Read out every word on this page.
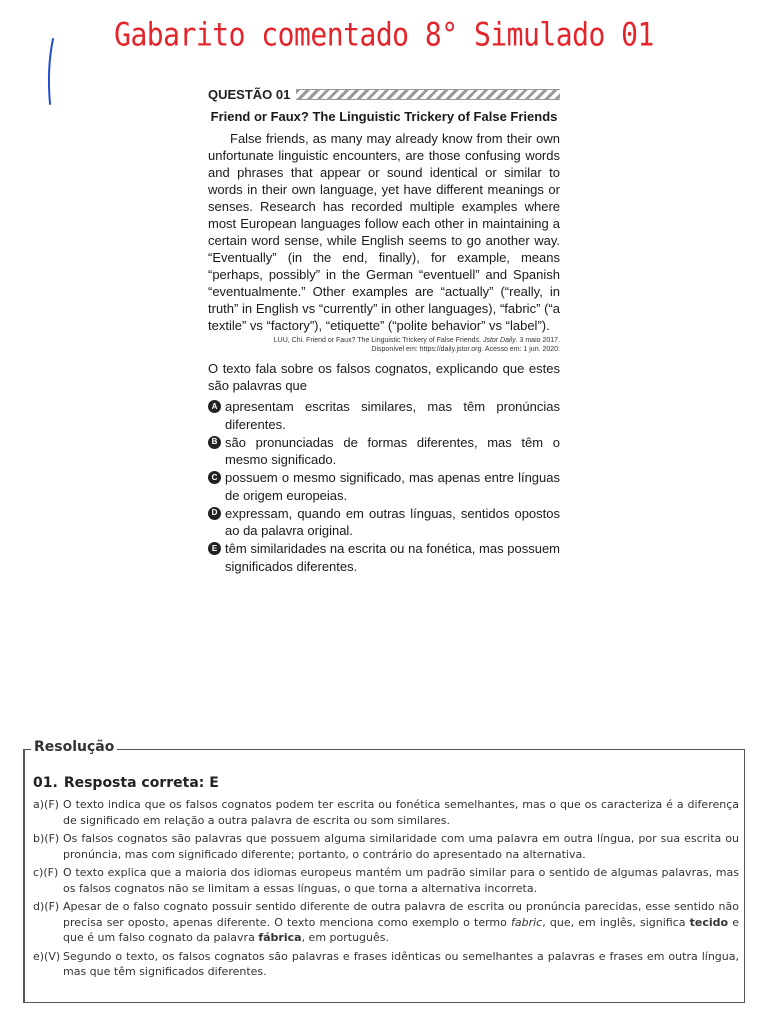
Gabarito comentado 8° Simulado 01
QUESTÃO 01
Friend or Faux? The Linguistic Trickery of False Friends
False friends, as many may already know from their own unfortunate linguistic encounters, are those confusing words and phrases that appear or sound identical or similar to words in their own language, yet have different meanings or senses. Research has recorded multiple examples where most European languages follow each other in maintaining a certain word sense, while English seems to go another way. “Eventually” (in the end, finally), for example, means “perhaps, possibly” in the German “eventuell” and Spanish “eventualmente.” Other examples are “actually” (“really, in truth” in English vs “currently” in other languages), “fabric” (“a textile” vs “factory”), “etiquette” (“polite behavior” vs “label”).
LUU, Chi. Friend or Faux? The Linguistic Trickery of False Friends. Jstor Daily. 3 maio 2017.
Disponível em: https://daily.jstor.org. Acesso em: 1 jun. 2020.
O texto fala sobre os falsos cognatos, explicando que estes são palavras que
A apresentam escritas similares, mas têm pronúncias diferentes.
B são pronunciadas de formas diferentes, mas têm o mesmo significado.
C possuem o mesmo significado, mas apenas entre línguas de origem europeias.
D expressam, quando em outras línguas, sentidos opostos ao da palavra original.
E têm similaridades na escrita ou na fonética, mas possuem significados diferentes.
Resolução
01. Resposta correta: E
a)(F) O texto indica que os falsos cognatos podem ter escrita ou fonética semelhantes, mas o que os caracteriza é a diferença de significado em relação a outra palavra de escrita ou som similares.
b)(F) Os falsos cognatos são palavras que possuem alguma similaridade com uma palavra em outra língua, por sua escrita ou pronúncia, mas com significado diferente; portanto, o contrário do apresentado na alternativa.
c)(F) O texto explica que a maioria dos idiomas europeus mantém um padrão similar para o sentido de algumas palavras, mas os falsos cognatos não se limitam a essas línguas, o que torna a alternativa incorreta.
d)(F) Apesar de o falso cognato possuir sentido diferente de outra palavra de escrita ou pronúncia parecidas, esse sentido não precisa ser oposto, apenas diferente. O texto menciona como exemplo o termo fabric, que, em inglês, significa tecido e que é um falso cognato da palavra fábrica, em português.
e)(V) Segundo o texto, os falsos cognatos são palavras e frases idênticas ou semelhantes a palavras e frases em outra língua, mas que têm significados diferentes.
